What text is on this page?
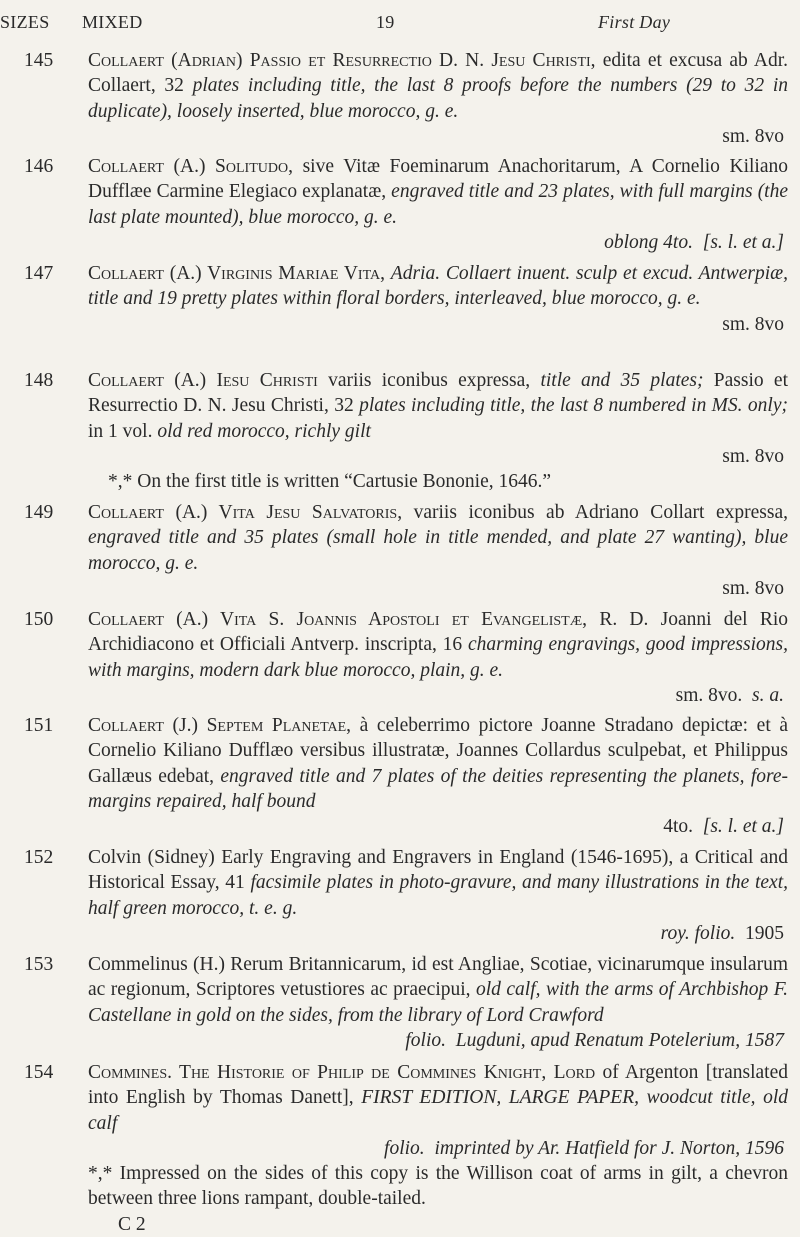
SIZES MIXED	19	First Day
145	Collaert (Adrian) Passio et Resurrectio D. N. Jesu Christi, edita et excusa ab Adr. Collaert, 32 plates including title, the last 8 proofs before the numbers (29 to 32 in duplicate), loosely inserted, blue morocco, g. e.
sm. 8vo

146	Collaert (A.) Solitudo, sive Vitæ Foeminarum Anachoritarum, A Cornelio Kiliano Dufflæe Carmine Elegiaco explanatæ, engraved title and 23 plates, with full margins (the last plate mounted), blue morocco, g. e.
oblong 4to. [s. l. et a.]

147	Collaert (A.) Virginis Mariae Vita, Adria. Collaert inuent. sculp et excud. Antwerpiæ, title and 19 pretty plates within floral borders, interleaved, blue morocco, g. e.
sm. 8vo

148	Collaert (A.) Iesu Christi variis iconibus expressa, title and 35 plates; Passio et Resurrectio D. N. Jesu Christi, 32 plates including title, the last 8 numbered in MS. only; in 1 vol. old red morocco, richly gilt
sm. 8vo

*,* On the first title is written “Cartusie Bononie, 1646.”

149	Collaert (A.) Vita Jesu Salvatoris, variis iconibus ab Adriano Collart expressa, engraved title and 35 plates (small hole in title mended, and plate 27 wanting), blue morocco, g. e.
sm. 8vo

150	Collaert (A.) Vita S. Joannis Apostoli et Evangelistæ, R. D. Joanni del Rio Archidiacono et Officiali Antverp. inscripta, 16 charming engravings, good impressions, with margins, modern dark blue morocco, plain, g. e.
sm. 8vo. s. a.

151	Collaert (J.) Septem Planetae, à celeberrimo pictore Joanne Stradano depictæ: et à Cornelio Kiliano Dufflæo versibus illustratæ, Joannes Collardus sculpebat, et Philippus Gallæus edebat, engraved title and 7 plates of the deities representing the planets, fore-margins repaired, half bound
4to. [s. l. et a.]

152	Colvin (Sidney) Early Engraving and Engravers in England (1546-1695), a Critical and Historical Essay, 41 facsimile plates in photo-gravure, and many illustrations in the text, half green morocco, t. e. g.
roy. folio. 1905

153	Commelinus (H.) Rerum Britannicarum, id est Angliae, Scotiae, vicinarumque insularum ac regionum, Scriptores vetustiores ac praecipui, old calf, with the arms of Archbishop F. Castellane in gold on the sides, from the library of Lord Crawford
folio. Lugduni, apud Renatum Potelerium, 1587

154	Commines. The Historie of Philip de Commines Knight, Lord of Argenton [translated into English by Thomas Danett], FIRST EDITION, LARGE PAPER, woodcut title, old calf
folio. imprinted by Ar. Hatfield for J. Norton, 1596

*,* Impressed on the sides of this copy is the Willison coat of arms in gilt, a chevron between three lions rampant, double-tailed.

C 2
